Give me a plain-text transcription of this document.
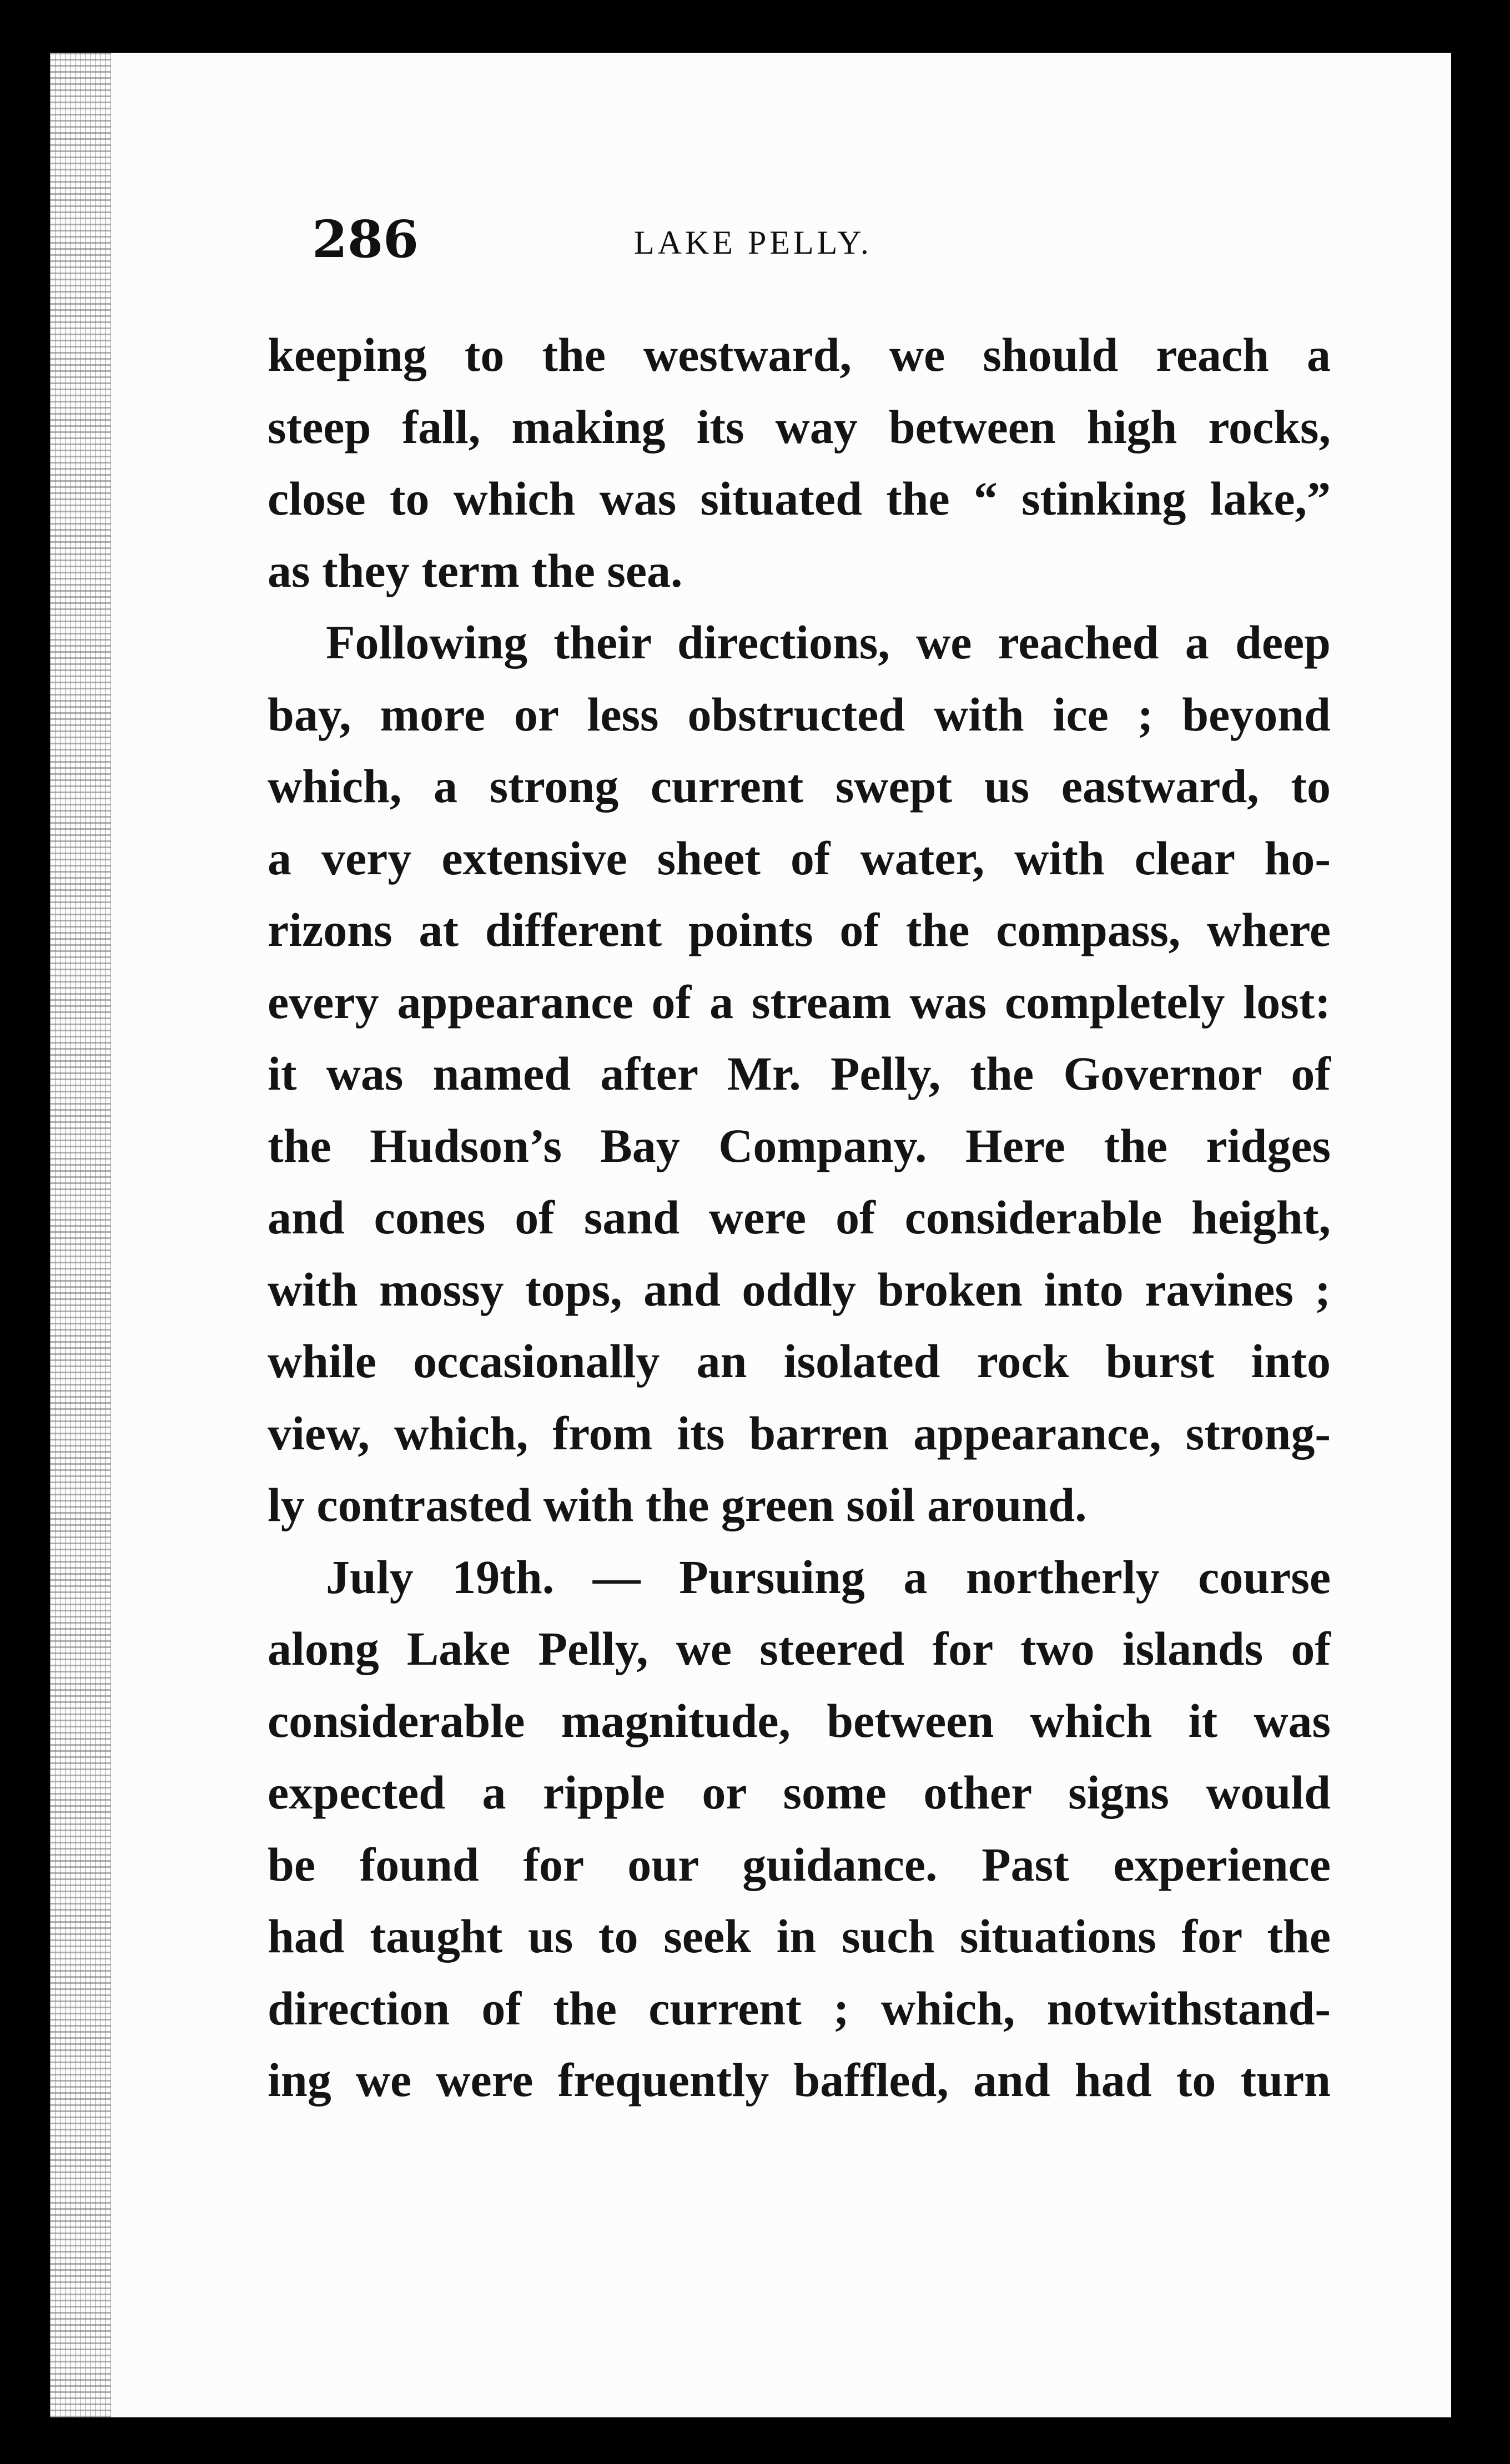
286	LAKE PELLY.
keeping to the westward, we should reach a
steep fall, making its way between high rocks,
close to which was situated the “ stinking lake,”
as they term the sea.
Following their directions, we reached a deep
bay, more or less obstructed with ice ; beyond
which, a strong current swept us eastward, to
a very extensive sheet of water, with clear ho-
rizons at different points of the compass, where
every appearance of a stream was completely lost:
it was named after Mr. Pelly, the Governor of
the Hudson’s Bay Company. Here the ridges
and cones of sand were of considerable height,
with mossy tops, and oddly broken into ravines ;
while occasionally an isolated rock burst into
view, which, from its barren appearance, strong-
ly contrasted with the green soil around.
July 19th. — Pursuing a northerly course
along Lake Pelly, we steered for two islands of
considerable magnitude, between which it was
expected a ripple or some other signs would
be found for our guidance. Past experience
had taught us to seek in such situations for the
direction of the current ; which, notwithstand-
ing we were frequently baffled, and had to turn
